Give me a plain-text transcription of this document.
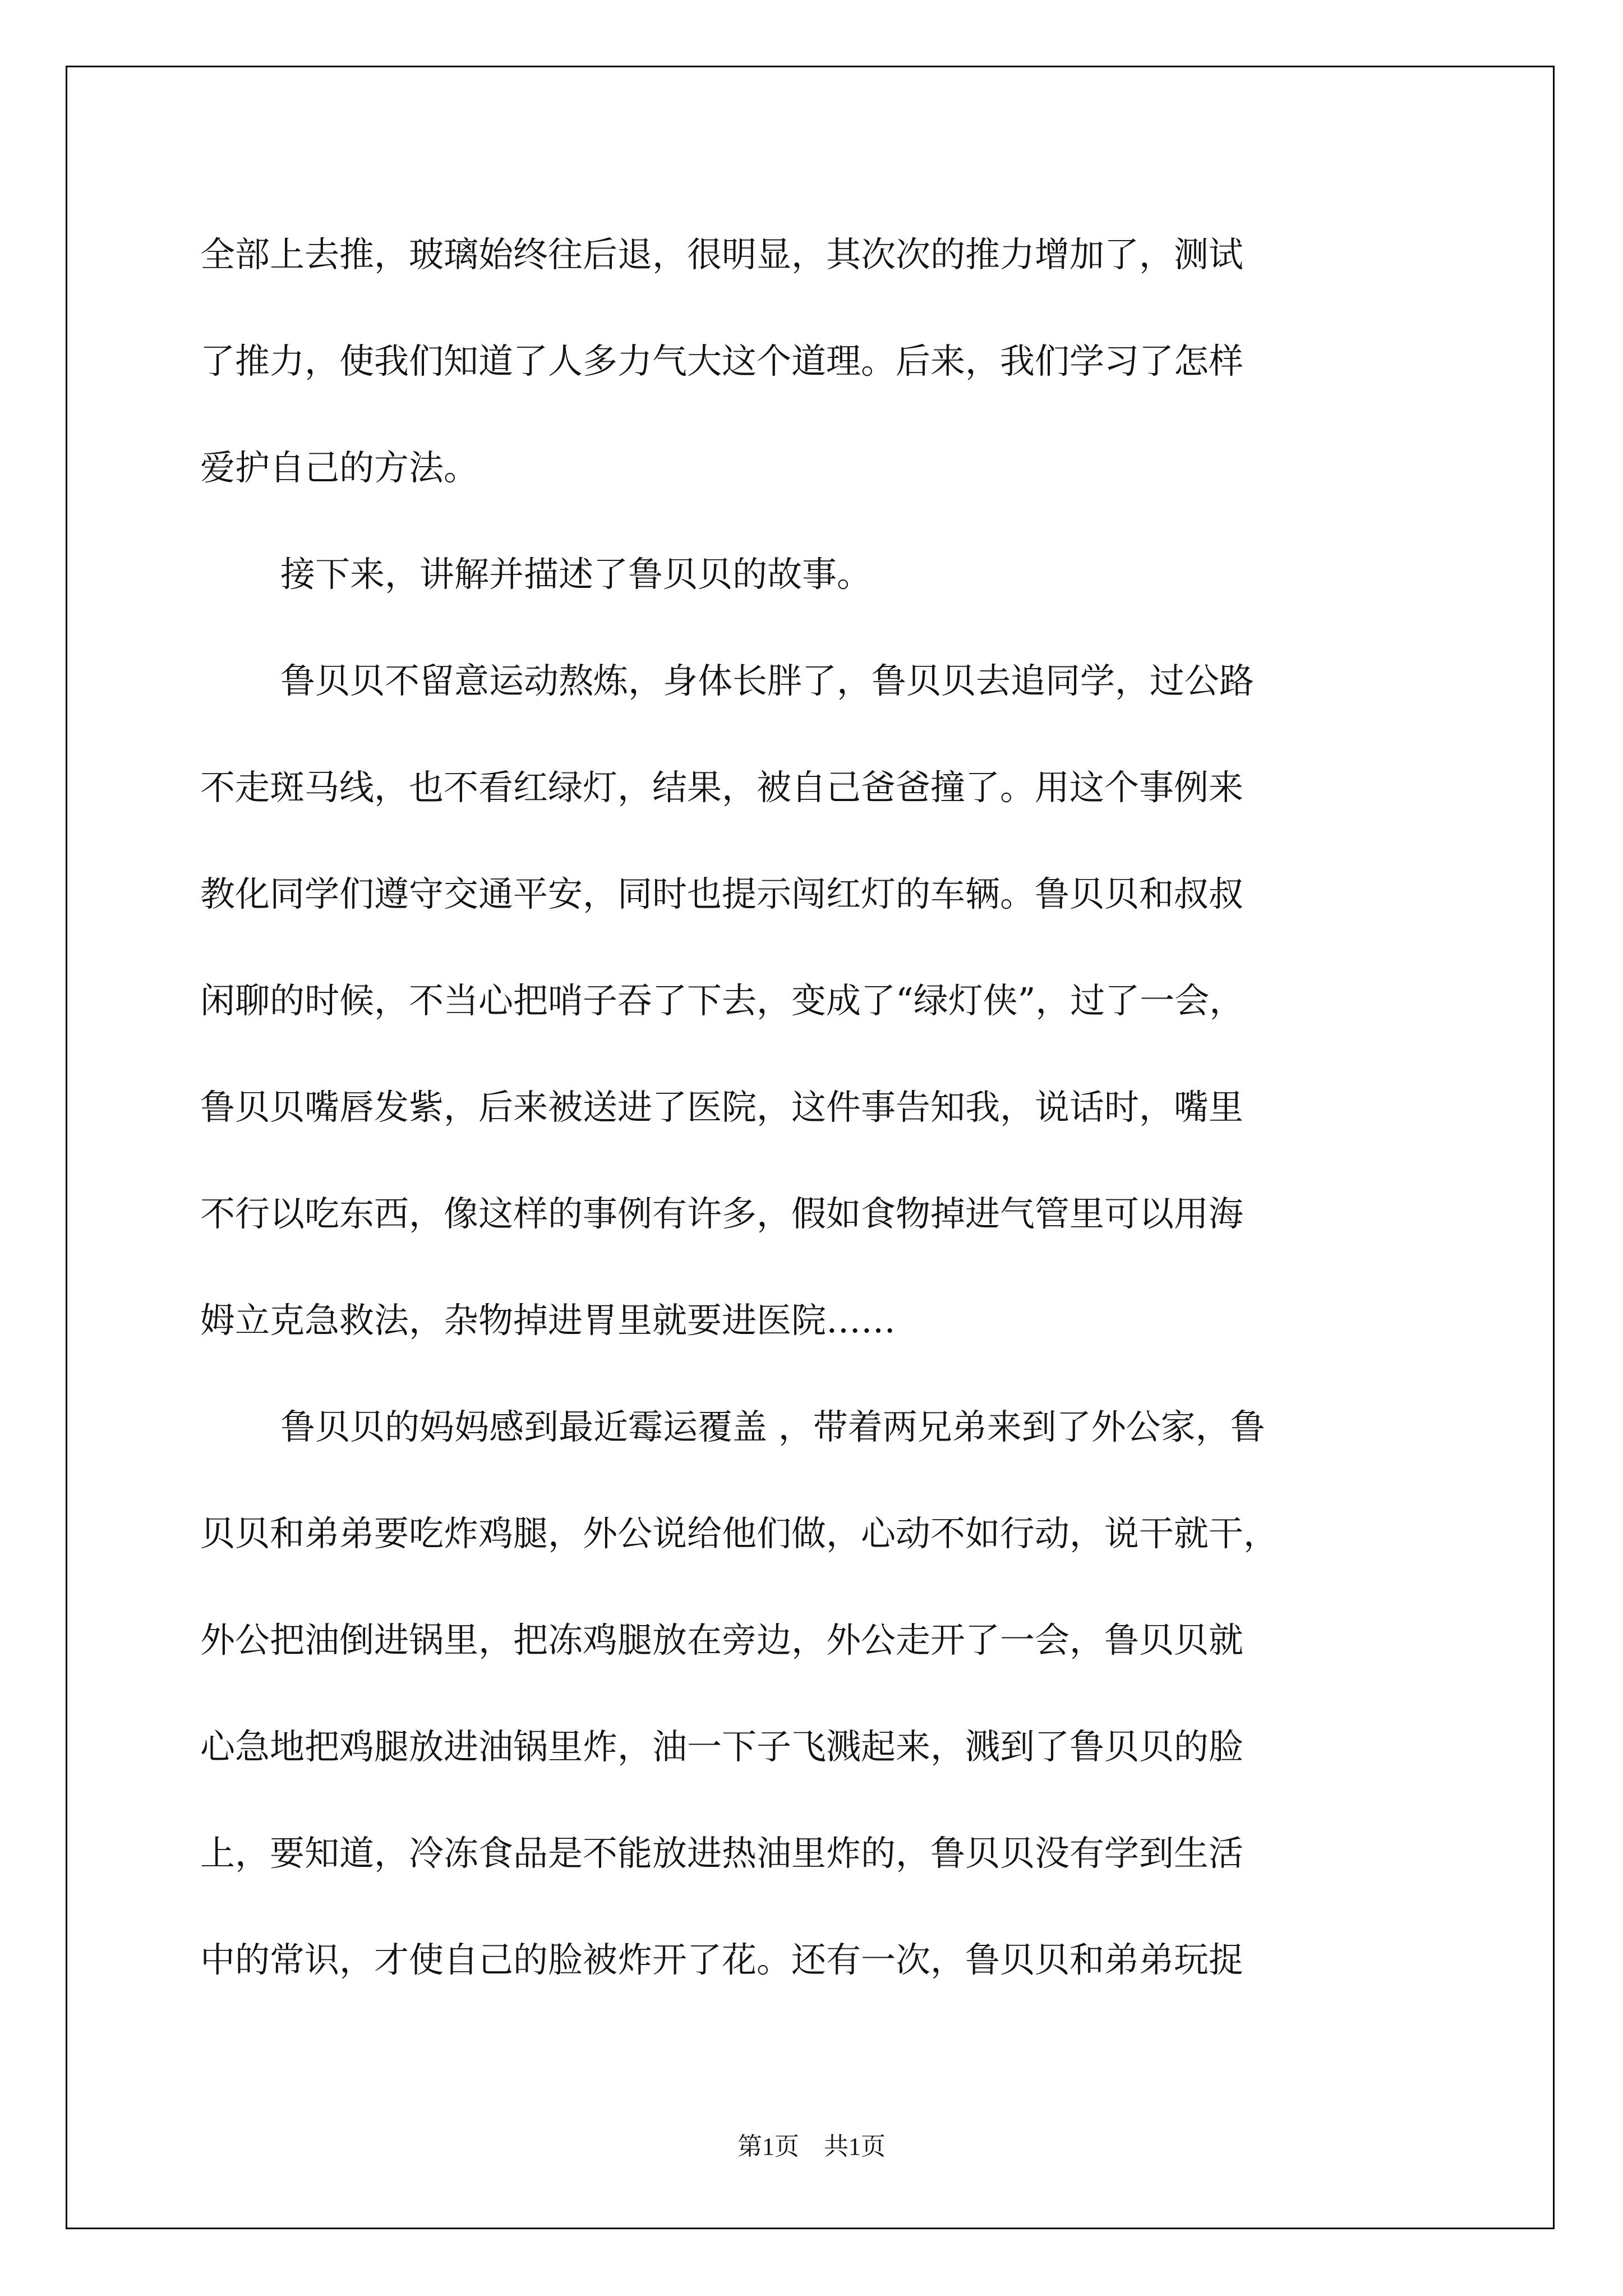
全部上去推，玻璃始终往后退，很明显，其次次的推力增加了，测试
了推力，使我们知道了人多力气大这个道理。后来，我们学习了怎样
爱护自己的方法。
接下来，讲解并描述了鲁贝贝的故事。
鲁贝贝不留意运动熬炼，身体长胖了，鲁贝贝去追同学，过公路
不走斑马线，也不看红绿灯，结果，被自己爸爸撞了。用这个事例来
教化同学们遵守交通平安，同时也提示闯红灯的车辆。鲁贝贝和叔叔
闲聊的时候，不当心把哨子吞了下去，变成了“绿灯侠”，过了一会，
鲁贝贝嘴唇发紫，后来被送进了医院，这件事告知我，说话时，嘴里
不行以吃东西，像这样的事例有许多，假如食物掉进气管里可以用海
姆立克急救法，杂物掉进胃里就要进医院……
鲁贝贝的妈妈感到最近霉运覆盖 ，带着两兄弟来到了外公家，鲁
贝贝和弟弟要吃炸鸡腿，外公说给他们做，心动不如行动，说干就干，
外公把油倒进锅里，把冻鸡腿放在旁边，外公走开了一会，鲁贝贝就
心急地把鸡腿放进油锅里炸，油一下子飞溅起来，溅到了鲁贝贝的脸
上，要知道，冷冻食品是不能放进热油里炸的，鲁贝贝没有学到生活
中的常识，才使自己的脸被炸开了花。还有一次，鲁贝贝和弟弟玩捉
第1页　共1页
